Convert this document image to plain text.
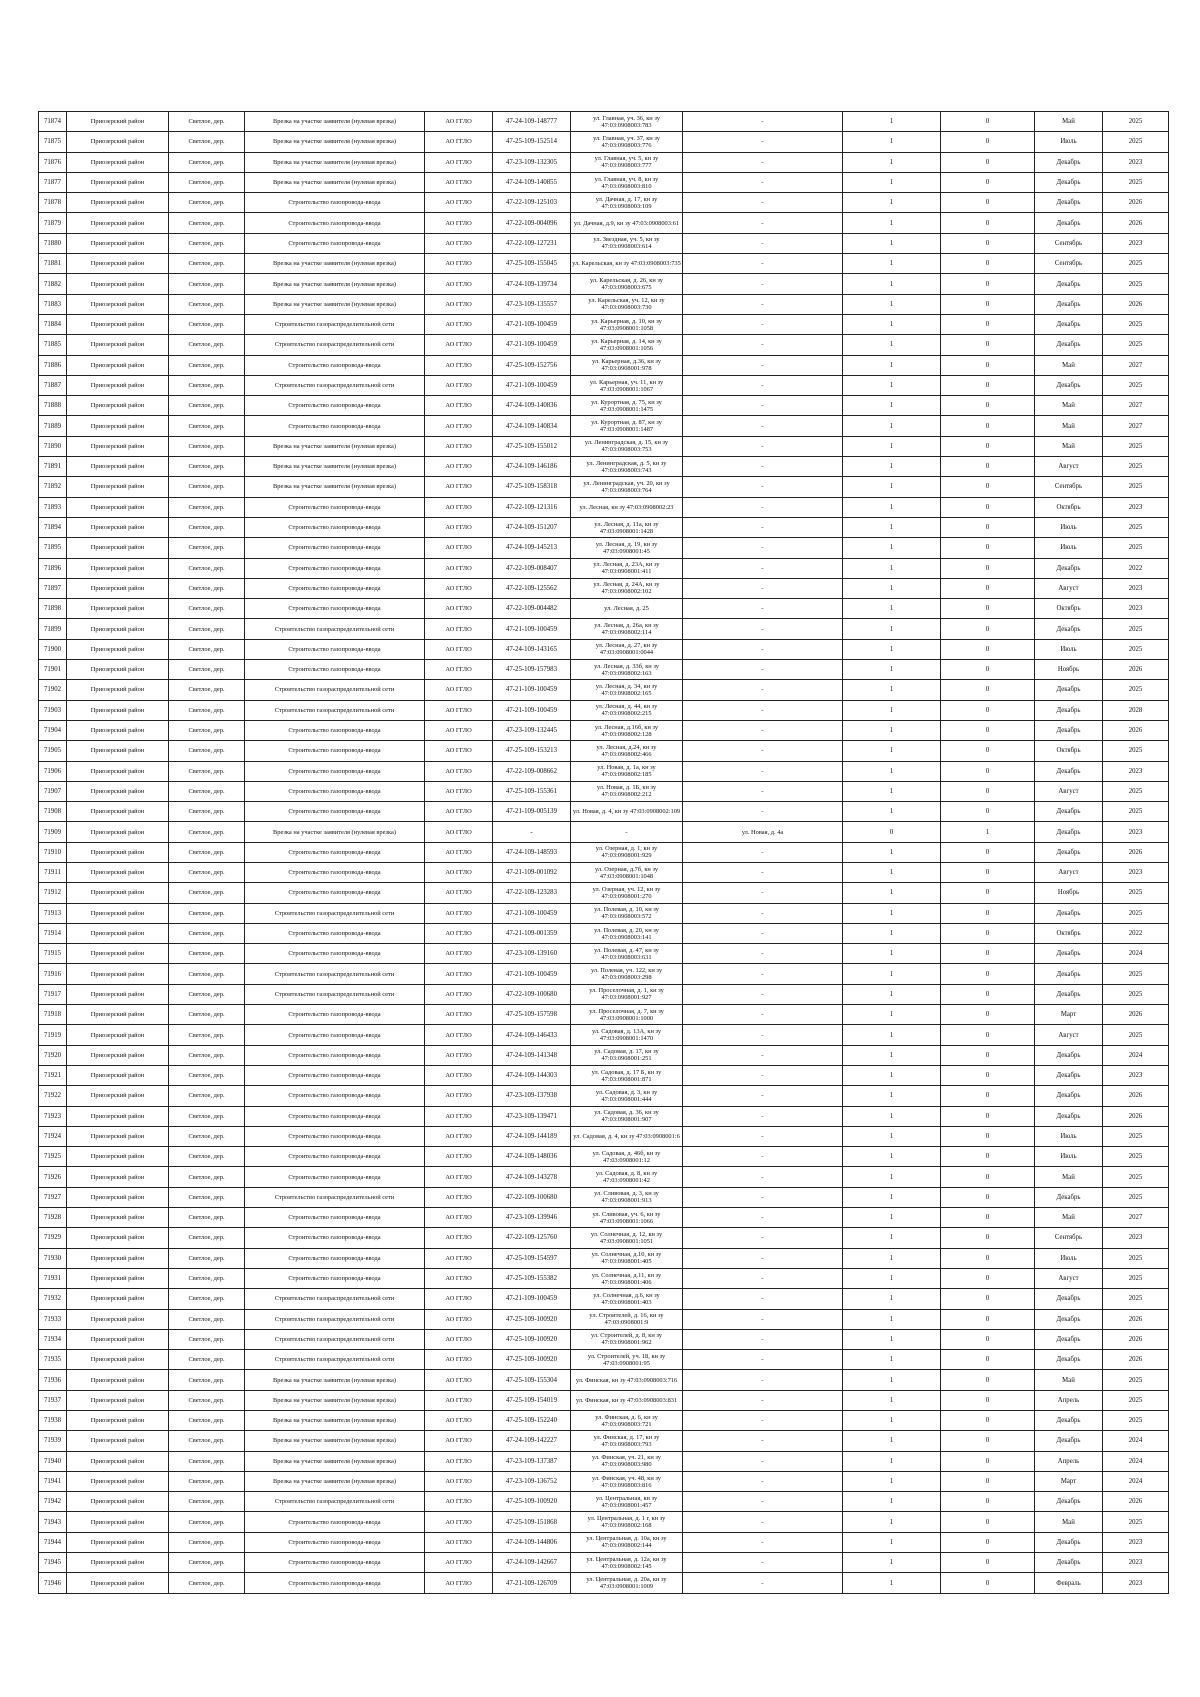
71874	Приозерский район	Светлое, дер.	Врезка на участке заявителя (нулевая врезка)	АО ГГЛО	47-24-109-148777	ул. Главная, уч. 36, кн зу 47:03:0908003:783	-	1	0	Май	2025
71875	Приозерский район	Светлое, дер.	Врезка на участке заявителя (нулевая врезка)	АО ГГЛО	47-25-109-152514	ул. Главная, уч. 37, кн зу 47:03:0908003:776	-	1	0	Июль	2025
71876	Приозерский район	Светлое, дер.	Врезка на участке заявителя (нулевая врезка)	АО ГГЛО	47-23-109-132305	ул. Главная, уч. 5, кн зу 47:03:0908003:777	-	1	0	Декабрь	2023
71877	Приозерский район	Светлое, дер.	Врезка на участке заявителя (нулевая врезка)	АО ГГЛО	47-24-109-140855	ул. Главная, уч. 8, кн зу 47:03:0908003:810	-	1	0	Декабрь	2025
71878	Приозерский район	Светлое, дер.	Строительство газопровода-ввода	АО ГГЛО	47-22-109-125103	ул. Дачная, д. 17, кн зу 47:03:0908003:109	-	1	0	Декабрь	2026
71879	Приозерский район	Светлое, дер.	Строительство газопровода-ввода	АО ГГЛО	47-22-109-004096	ул. Дачная, д.9, кн зу 47:03:0908003:61	-	1	0	Декабрь	2026
71880	Приозерский район	Светлое, дер.	Строительство газопровода-ввода	АО ГГЛО	47-22-109-127231	ул. Звездная, уч. 5, кн зу 47:03:0908003:614	-	1	0	Сентябрь	2023
71881	Приозерский район	Светлое, дер.	Врезка на участке заявителя (нулевая врезка)	АО ГГЛО	47-25-109-155045	ул. Карельская, кн зу 47:03:0908003:735	-	1	0	Сентябрь	2025
71882	Приозерский район	Светлое, дер.	Врезка на участке заявителя (нулевая врезка)	АО ГГЛО	47-24-109-139734	ул. Карельская, д. 26, кн зу 47:03:0908003:675	-	1	0	Декабрь	2025
71883	Приозерский район	Светлое, дер.	Врезка на участке заявителя (нулевая врезка)	АО ГГЛО	47-23-109-135557	ул. Карельская, уч. 12, кн зу 47:03:0908003:730	-	1	0	Декабрь	2026
71884	Приозерский район	Светлое, дер.	Строительство газораспределительной сети	АО ГГЛО	47-21-109-100459	ул. Карьерная, д. 10, кн зу 47:03:0908001:1058	-	1	0	Декабрь	2025
71885	Приозерский район	Светлое, дер.	Строительство газораспределительной сети	АО ГГЛО	47-21-109-100459	ул. Карьерная, д. 14, кн зу 47:03:0908001:1056	-	1	0	Декабрь	2025
71886	Приозерский район	Светлое, дер.	Строительство газопровода-ввода	АО ГГЛО	47-25-109-152756	ул. Карьерная, д.36, кн зу 47:03:0908001:978	-	1	0	Май	2027
71887	Приозерский район	Светлое, дер.	Строительство газораспределительной сети	АО ГГЛО	47-21-109-100459	ул. Карьерная, уч. 11, кн зу 47:03:0908001:1067	-	1	0	Декабрь	2025
71888	Приозерский район	Светлое, дер.	Строительство газопровода-ввода	АО ГГЛО	47-24-109-140836	ул. Курортная, д. 75, кн зу 47:03:0908001:1475	-	1	0	Май	2027
71889	Приозерский район	Светлое, дер.	Строительство газопровода-ввода	АО ГГЛО	47-24-109-140834	ул. Курортная, д. 87, кн зу 47:03:0908001:1487	-	1	0	Май	2027
71890	Приозерский район	Светлое, дер.	Врезка на участке заявителя (нулевая врезка)	АО ГГЛО	47-25-109-155012	ул. Ленинградская, д. 15, кн зу 47:03:0908003:753	-	1	0	Май	2025
71891	Приозерский район	Светлое, дер.	Врезка на участке заявителя (нулевая врезка)	АО ГГЛО	47-24-109-146186	ул. Ленинградская, д. 5, кн зу 47:03:0908003:743	-	1	0	Август	2025
71892	Приозерский район	Светлое, дер.	Врезка на участке заявителя (нулевая врезка)	АО ГГЛО	47-25-109-158318	ул. Ленинградская, уч. 20, кн зу 47:03:0908003:764	-	1	0	Сентябрь	2025
71893	Приозерский район	Светлое, дер.	Строительство газопровода-ввода	АО ГГЛО	47-22-109-121316	ул. Лесная, кн зу 47:03:0908002:23	-	1	0	Октябрь	2023
71894	Приозерский район	Светлое, дер.	Строительство газопровода-ввода	АО ГГЛО	47-24-109-151207	ул. Лесная, д. 11а, кн зу 47:03:0908001:1428	-	1	0	Июль	2025
71895	Приозерский район	Светлое, дер.	Строительство газопровода-ввода	АО ГГЛО	47-24-109-145213	ул. Лесная, д. 19, кн зу 47:03:0908001:45	-	1	0	Июль	2025
71896	Приозерский район	Светлое, дер.	Строительство газопровода-ввода	АО ГГЛО	47-22-109-008407	ул. Лесная, д. 23А, кн зу 47:03:0908001:411	-	1	0	Декабрь	2022
71897	Приозерский район	Светлое, дер.	Строительство газопровода-ввода	АО ГГЛО	47-22-109-125562	ул. Лесная, д. 24А, кн зу 47:03:0908002:102	-	1	0	Август	2023
71898	Приозерский район	Светлое, дер.	Строительство газопровода-ввода	АО ГГЛО	47-22-109-004482	ул. Лесная, д. 25	-	1	0	Октябрь	2023
71899	Приозерский район	Светлое, дер.	Строительство газораспределительной сети	АО ГГЛО	47-21-109-100459	ул. Лесная, д. 26а, кн зу 47:03:0908002:114	-	1	0	Декабрь	2025
71900	Приозерский район	Светлое, дер.	Строительство газопровода-ввода	АО ГГЛО	47-24-109-143165	ул. Лесная, д. 27, кн зу 47:03:0908001:0044	-	1	0	Июль	2025
71901	Приозерский район	Светлое, дер.	Строительство газопровода-ввода	АО ГГЛО	47-25-109-157983	ул. Лесная, д. 33б, кн зу 47:03:0908002:163	-	1	0	Ноябрь	2026
71902	Приозерский район	Светлое, дер.	Строительство газораспределительной сети	АО ГГЛО	47-21-109-100459	ул. Лесная, д. 34, кн зу 47:03:0908002:165	-	1	0	Декабрь	2025
71903	Приозерский район	Светлое, дер.	Строительство газораспределительной сети	АО ГГЛО	47-21-109-100459	ул. Лесная, д. 44, кн зу 47:03:0908002:215	-	1	0	Декабрь	2028
71904	Приозерский район	Светлое, дер.	Строительство газопровода-ввода	АО ГГЛО	47-23-109-132445	ул. Лесная, д.16б, кн зу 47:03:0908002:128	-	1	0	Декабрь	2026
71905	Приозерский район	Светлое, дер.	Строительство газопровода-ввода	АО ГГЛО	47-25-109-153213	ул. Лесная, д.24, кн зу 47:03:0908002:466	-	1	0	Октябрь	2025
71906	Приозерский район	Светлое, дер.	Строительство газопровода-ввода	АО ГГЛО	47-22-109-008662	ул. Новая, д. 1а, кн зу 47:03:0908002:185	-	1	0	Декабрь	2023
71907	Приозерский район	Светлое, дер.	Строительство газопровода-ввода	АО ГГЛО	47-25-109-155361	ул. Новая, д. 1Б, кн зу 47:03:0908002:212	-	1	0	Август	2025
71908	Приозерский район	Светлое, дер.	Строительство газопровода-ввода	АО ГГЛО	47-21-109-005139	ул. Новая, д. 4, кн зу 47:03:0908002:109	-	1	0	Декабрь	2025
71909	Приозерский район	Светлое, дер.	Врезка на участке заявителя (нулевая врезка)	АО ГГЛО	-	-	ул. Новая, д. 4а	0	1	Декабрь	2023
71910	Приозерский район	Светлое, дер.	Строительство газопровода-ввода	АО ГГЛО	47-24-109-148593	ул. Озерная, д. 1, кн зу 47:03:0908001:929	-	1	0	Декабрь	2026
71911	Приозерский район	Светлое, дер.	Строительство газопровода-ввода	АО ГГЛО	47-21-109-001092	ул. Озерная, д.7б, кн зу 47:03:0908001:1048	-	1	0	Август	2023
71912	Приозерский район	Светлое, дер.	Строительство газопровода-ввода	АО ГГЛО	47-22-109-123283	ул. Озерная, уч. 12, кн зу 47:03:0908001:270	-	1	0	Ноябрь	2025
71913	Приозерский район	Светлое, дер.	Строительство газораспределительной сети	АО ГГЛО	47-21-109-100459	ул. Полевая, д. 10, кн зу 47:03:0908003:572	-	1	0	Декабрь	2025
71914	Приозерский район	Светлое, дер.	Строительство газопровода-ввода	АО ГГЛО	47-21-109-001359	ул. Полевая, д. 20, кн зу 47:03:0908003:141	-	1	0	Октябрь	2022
71915	Приозерский район	Светлое, дер.	Строительство газопровода-ввода	АО ГГЛО	47-23-109-139160	ул. Полевая, д. 47, кн зу 47:03:0908003:631	-	1	0	Декабрь	2024
71916	Приозерский район	Светлое, дер.	Строительство газораспределительной сети	АО ГГЛО	47-21-109-100459	ул. Полевая, уч. 122, кн зу 47:03:0908003:298	-	1	0	Декабрь	2025
71917	Приозерский район	Светлое, дер.	Строительство газораспределительной сети	АО ГГЛО	47-22-109-100680	ул. Проселочная, д. 1, кн зу 47:03:0908001:927	-	1	0	Декабрь	2025
71918	Приозерский район	Светлое, дер.	Строительство газопровода-ввода	АО ГГЛО	47-25-109-157598	ул. Проселочная, д. 7, кн зу 47:03:0908001:1000	-	1	0	Март	2026
71919	Приозерский район	Светлое, дер.	Строительство газопровода-ввода	АО ГГЛО	47-24-109-146433	ул. Садовая, д. 13А, кн зу 47:03:0908001:1470	-	1	0	Август	2025
71920	Приозерский район	Светлое, дер.	Строительство газопровода-ввода	АО ГГЛО	47-24-109-141348	ул. Садовая, д. 17, кн зу 47:03:0908001:251	-	1	0	Декабрь	2024
71921	Приозерский район	Светлое, дер.	Строительство газопровода-ввода	АО ГГЛО	47-24-109-144303	ул. Садовая, д. 17 Б, кн зу 47:03:0908001:871	-	1	0	Декабрь	2023
71922	Приозерский район	Светлое, дер.	Строительство газопровода-ввода	АО ГГЛО	47-23-109-137938	ул. Садовая, д. 3, кн зу 47:03:0908001:444	-	1	0	Декабрь	2026
71923	Приозерский район	Светлое, дер.	Строительство газопровода-ввода	АО ГГЛО	47-23-109-139471	ул. Садовая, д. 36, кн зу 47:03:0908001:907	-	1	0	Декабрь	2026
71924	Приозерский район	Светлое, дер.	Строительство газопровода-ввода	АО ГГЛО	47-24-109-144189	ул. Садовая, д. 4, кн зу 47:03:0908001:6	-	1	0	Июль	2025
71925	Приозерский район	Светлое, дер.	Строительство газопровода-ввода	АО ГГЛО	47-24-109-148036	ул. Садовая, д. 46б, кн зу 47:03:0908001:12	-	1	0	Июль	2025
71926	Приозерский район	Светлое, дер.	Строительство газопровода-ввода	АО ГГЛО	47-24-109-143278	ул. Садовая, д. 8, кн зу 47:03:0908001:42	-	1	0	Май	2025
71927	Приозерский район	Светлое, дер.	Строительство газораспределительной сети	АО ГГЛО	47-22-109-100680	ул. Сливовая, д. 3, кн зу 47:03:0908001:913	-	1	0	Декабрь	2025
71928	Приозерский район	Светлое, дер.	Строительство газопровода-ввода	АО ГГЛО	47-23-109-139946	ул. Сливовая, уч. 6, кн зу 47:03:0908001:1066	-	1	0	Май	2027
71929	Приозерский район	Светлое, дер.	Строительство газопровода-ввода	АО ГГЛО	47-22-109-125760	ул. Солнечная, д. 12, кн зу 47:03:0908001:1051	-	1	0	Сентябрь	2023
71930	Приозерский район	Светлое, дер.	Строительство газопровода-ввода	АО ГГЛО	47-25-109-154597	ул. Солнечная, д.10, кн зу 47:03:0908001:405	-	1	0	Июль	2025
71931	Приозерский район	Светлое, дер.	Строительство газопровода-ввода	АО ГГЛО	47-25-109-155382	ул. Солнечная, д.11, кн зу 47:03:0908001:406	-	1	0	Август	2025
71932	Приозерский район	Светлое, дер.	Строительство газораспределительной сети	АО ГГЛО	47-21-109-100459	ул. Солнечная, д.6, кн зу 47:03:0908001:403	-	1	0	Декабрь	2025
71933	Приозерский район	Светлое, дер.	Строительство газораспределительной сети	АО ГГЛО	47-25-109-100920	ул. Строителей, д. 16, кн зу 47:03:0908001:9	-	1	0	Декабрь	2026
71934	Приозерский район	Светлое, дер.	Строительство газораспределительной сети	АО ГГЛО	47-25-109-100920	ул. Строителей, д. 8, кн зу 47:03:0908001:962	-	1	0	Декабрь	2026
71935	Приозерский район	Светлое, дер.	Строительство газораспределительной сети	АО ГГЛО	47-25-109-100920	ул. Строителей, уч. 18, кн зу 47:03:0908001:95	-	1	0	Декабрь	2026
71936	Приозерский район	Светлое, дер.	Врезка на участке заявителя (нулевая врезка)	АО ГГЛО	47-25-109-155304	ул. Финская, кн зу 47:03:0908003:716	-	1	0	Май	2025
71937	Приозерский район	Светлое, дер.	Врезка на участке заявителя (нулевая врезка)	АО ГГЛО	47-25-109-154019	ул. Финская, кн зу 47:03:0908003:831	-	1	0	Апрель	2025
71938	Приозерский район	Светлое, дер.	Врезка на участке заявителя (нулевая врезка)	АО ГГЛО	47-25-109-152240	ул. Финская, д. 6, кн зу 47:03:0908003:721	-	1	0	Декабрь	2025
71939	Приозерский район	Светлое, дер.	Врезка на участке заявителя (нулевая врезка)	АО ГГЛО	47-24-109-142227	ул. Финская, д. 17, кн зу 47:03:0908003:793	-	1	0	Декабрь	2024
71940	Приозерский район	Светлое, дер.	Врезка на участке заявителя (нулевая врезка)	АО ГГЛО	47-23-109-137387	ул. Финская, уч. 21, кн зу 47:03:0908003:980	-	1	0	Апрель	2024
71941	Приозерский район	Светлое, дер.	Врезка на участке заявителя (нулевая врезка)	АО ГГЛО	47-23-109-136752	ул. Финская, уч. 48, кн зу 47:03:0908003:816	-	1	0	Март	2024
71942	Приозерский район	Светлое, дер.	Строительство газораспределительной сети	АО ГГЛО	47-25-109-100920	ул. Центральная, кн зу 47:03:0908001:457	-	1	0	Декабрь	2026
71943	Приозерский район	Светлое, дер.	Строительство газопровода-ввода	АО ГГЛО	47-25-109-151868	ул. Центральная, д. 1 г, кн зу 47:03:0908002:168	-	1	0	Май	2025
71944	Приозерский район	Светлое, дер.	Строительство газопровода-ввода	АО ГГЛО	47-24-109-144806	ул. Центральная, д. 10а, кн зу 47:03:0908002:144	-	1	0	Декабрь	2023
71945	Приозерский район	Светлое, дер.	Строительство газопровода-ввода	АО ГГЛО	47-24-109-142667	ул. Центральная, д. 12а, кн зу 47:03:0908002:145	-	1	0	Декабрь	2023
71946	Приозерский район	Светлое, дер.	Строительство газопровода-ввода	АО ГГЛО	47-21-109-126709	ул. Центральная, д. 20а, кн зу 47:03:0908001:1009	-	1	0	Февраль	2023
